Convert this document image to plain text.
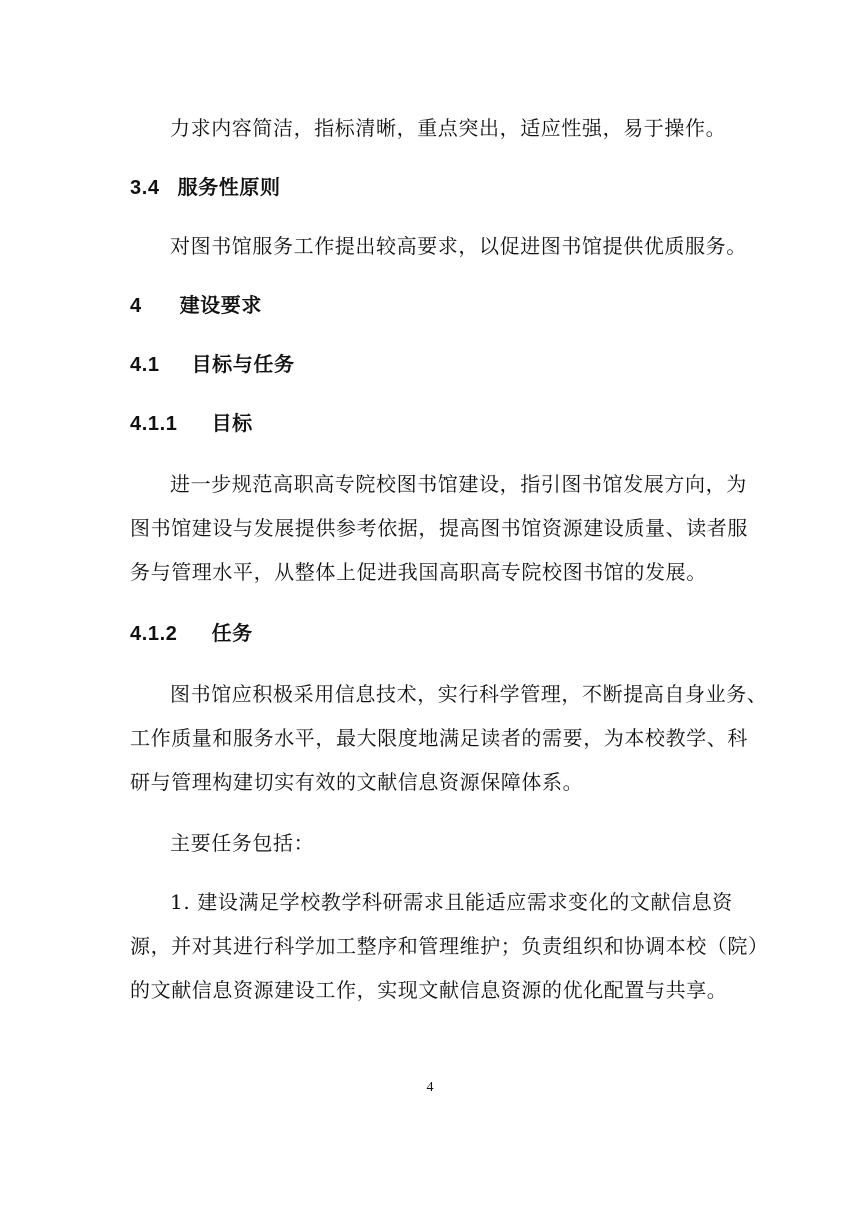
力求内容简洁，指标清晰，重点突出，适应性强，易于操作。
3.4 服务性原则
对图书馆服务工作提出较高要求，以促进图书馆提供优质服务。
4 建设要求
4.1 目标与任务
4.1.1 目标
进一步规范高职高专院校图书馆建设，指引图书馆发展方向，为
图书馆建设与发展提供参考依据，提高图书馆资源建设质量、读者服
务与管理水平，从整体上促进我国高职高专院校图书馆的发展。
4.1.2 任务
图书馆应积极采用信息技术，实行科学管理，不断提高自身业务、
工作质量和服务水平，最大限度地满足读者的需要，为本校教学、科
研与管理构建切实有效的文献信息资源保障体系。
主要任务包括：
1. 建设满足学校教学科研需求且能适应需求变化的文献信息资
源，并对其进行科学加工整序和管理维护；负责组织和协调本校（院）
的文献信息资源建设工作，实现文献信息资源的优化配置与共享。
4
